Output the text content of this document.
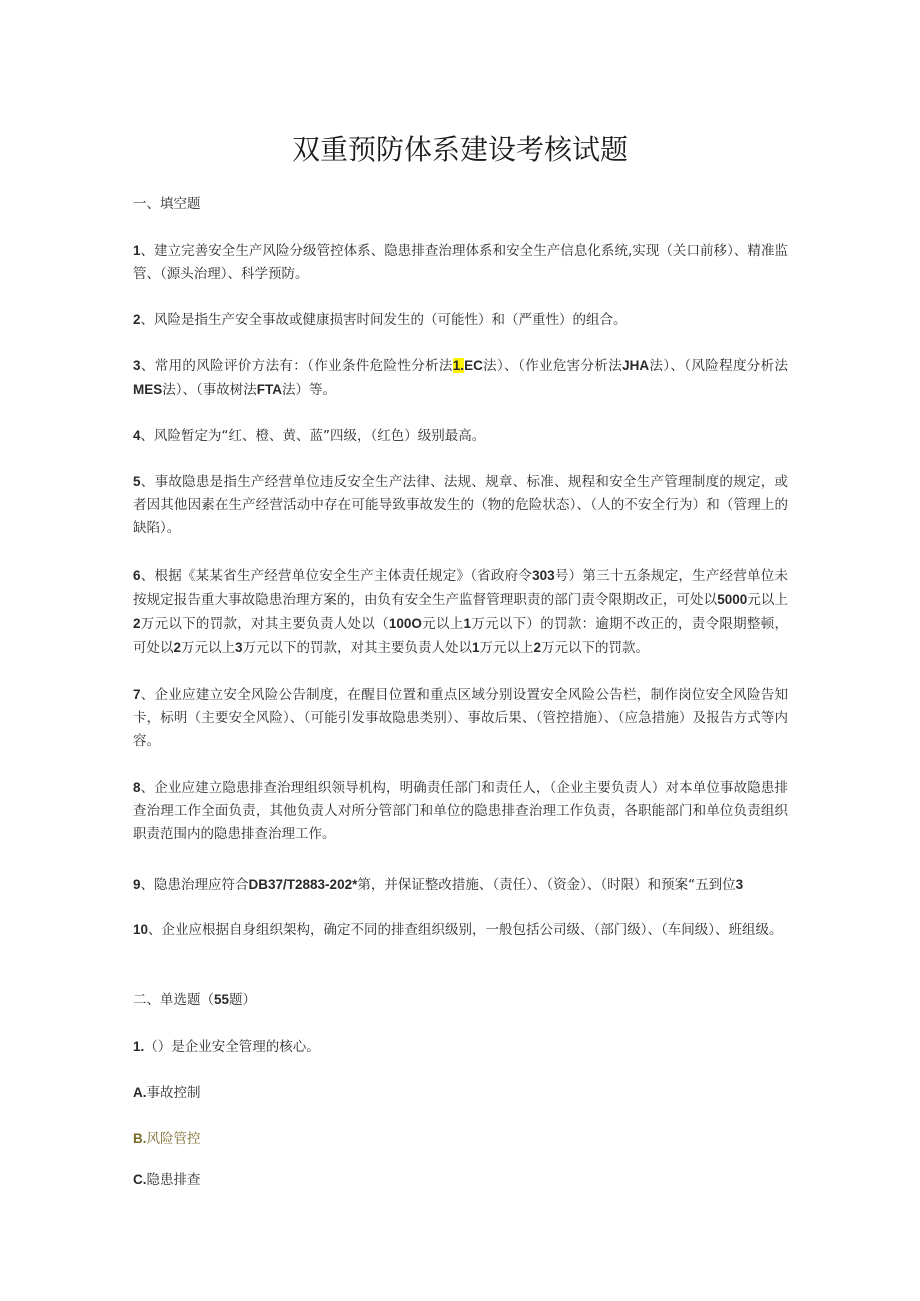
双重预防体系建设考核试题

一、填空题

1、建立完善安全生产风险分级管控体系、隐患排查治理体系和安全生产信息化系统,实现（关口前移）、精准监管、（源头治理）、科学预防。

2、风险是指生产安全事故或健康损害时间发生的（可能性）和（严重性）的组合。

3、常用的风险评价方法有：（作业条件危险性分析法1.EC法）、（作业危害分析法JHA法）、（风险程度分析法MES法）、（事故树法FTA法）等。

4、风险暂定为“红、橙、黄、蓝”四级，（红色）级别最高。

5、事故隐患是指生产经营单位违反安全生产法律、法规、规章、标准、规程和安全生产管理制度的规定，或者因其他因素在生产经营活动中存在可能导致事故发生的（物的危险状态）、（人的不安全行为）和（管理上的缺陷）。

6、根据《某某省生产经营单位安全生产主体责任规定》（省政府令303号）第三十五条规定，生产经营单位未按规定报告重大事故隐患治理方案的，由负有安全生产监督管理职责的部门责令限期改正，可处以5000元以上2万元以下的罚款，对其主要负责人处以（100O元以上1万元以下）的罚款：逾期不改正的，责令限期整顿，可处以2万元以上3万元以下的罚款，对其主要负责人处以1万元以上2万元以下的罚款。

7、企业应建立安全风险公告制度，在醒目位置和重点区域分别设置安全风险公告栏，制作岗位安全风险告知卡，标明（主要安全风险）、（可能引发事故隐患类别）、事故后果、（管控措施）、（应急措施）及报告方式等内容。

8、企业应建立隐患排查治理组织领导机构，明确责任部门和责任人，（企业主要负责人）对本单位事故隐患排查治理工作全面负责，其他负责人对所分管部门和单位的隐患排查治理工作负责，各职能部门和单位负责组织职责范围内的隐患排查治理工作。

9、隐患治理应符合DB37/T2883-202*第，并保证整改措施、（责任）、（资金）、（时限）和预案“五到位3

10、企业应根据自身组织架构，确定不同的排查组织级别，一般包括公司级、（部门级）、（车间级）、班组级。

二、单选题（55题）

1.（）是企业安全管理的核心。

A.事故控制

B.风险管控

C.隐患排查
